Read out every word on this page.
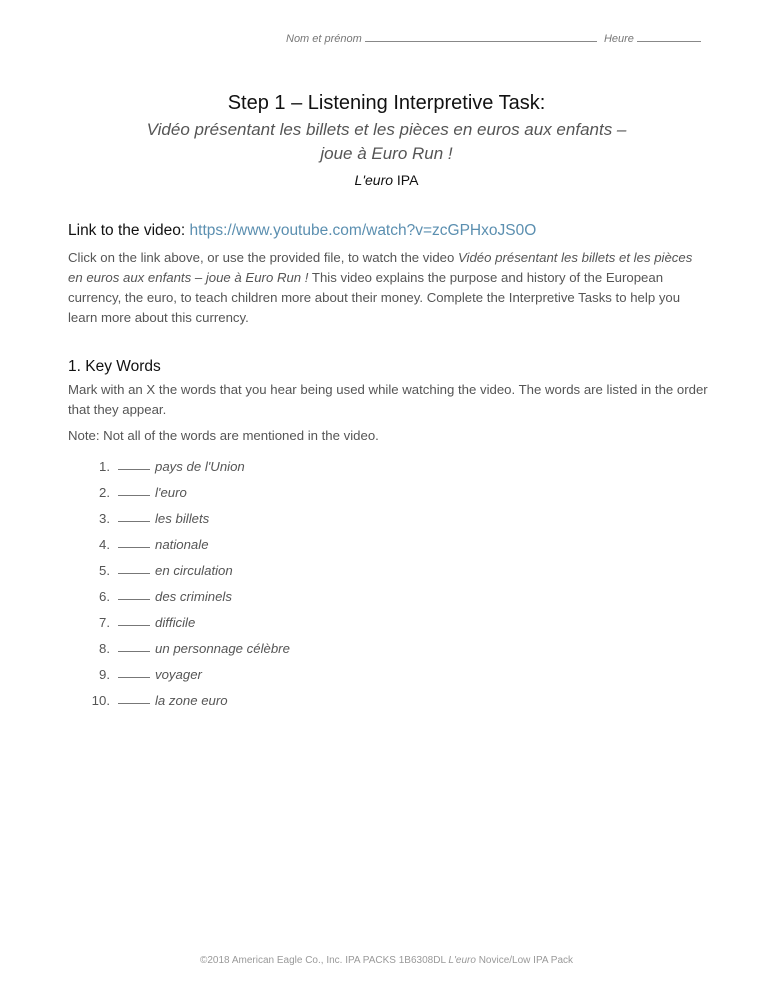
Nom et prénom	Heure

Step 1 – Listening Interpretive Task:

Vidéo présentant les billets et les pièces en euros aux enfants –

joue à Euro Run !

L'euro IPA
Link to the video: https://www.youtube.com/watch?v=zcGPHxoJS0O

Click on the link above, or use the provided file, to watch the video Vidéo présentant les billets et les pièces en euros aux enfants – joue à Euro Run ! This video explains the purpose and history of the European currency, the euro, to teach children more about their money. Complete the Interpretive Tasks to help you learn more about this currency.

1. Key Words

Mark with an X the words that you hear being used while watching the video. The words are listed in the order that they appear.

Note: Not all of the words are mentioned in the video.

1.	pays de l'Union
2.	l'euro
3.	les billets
4.	nationale
5.	en circulation
6.	des criminels
7.	difficile
8.	un personnage célèbre
9.	voyager
10.	la zone euro
©2018 American Eagle Co., Inc. IPA PACKS 1B6308DL L'euro Novice/Low IPA Pack
